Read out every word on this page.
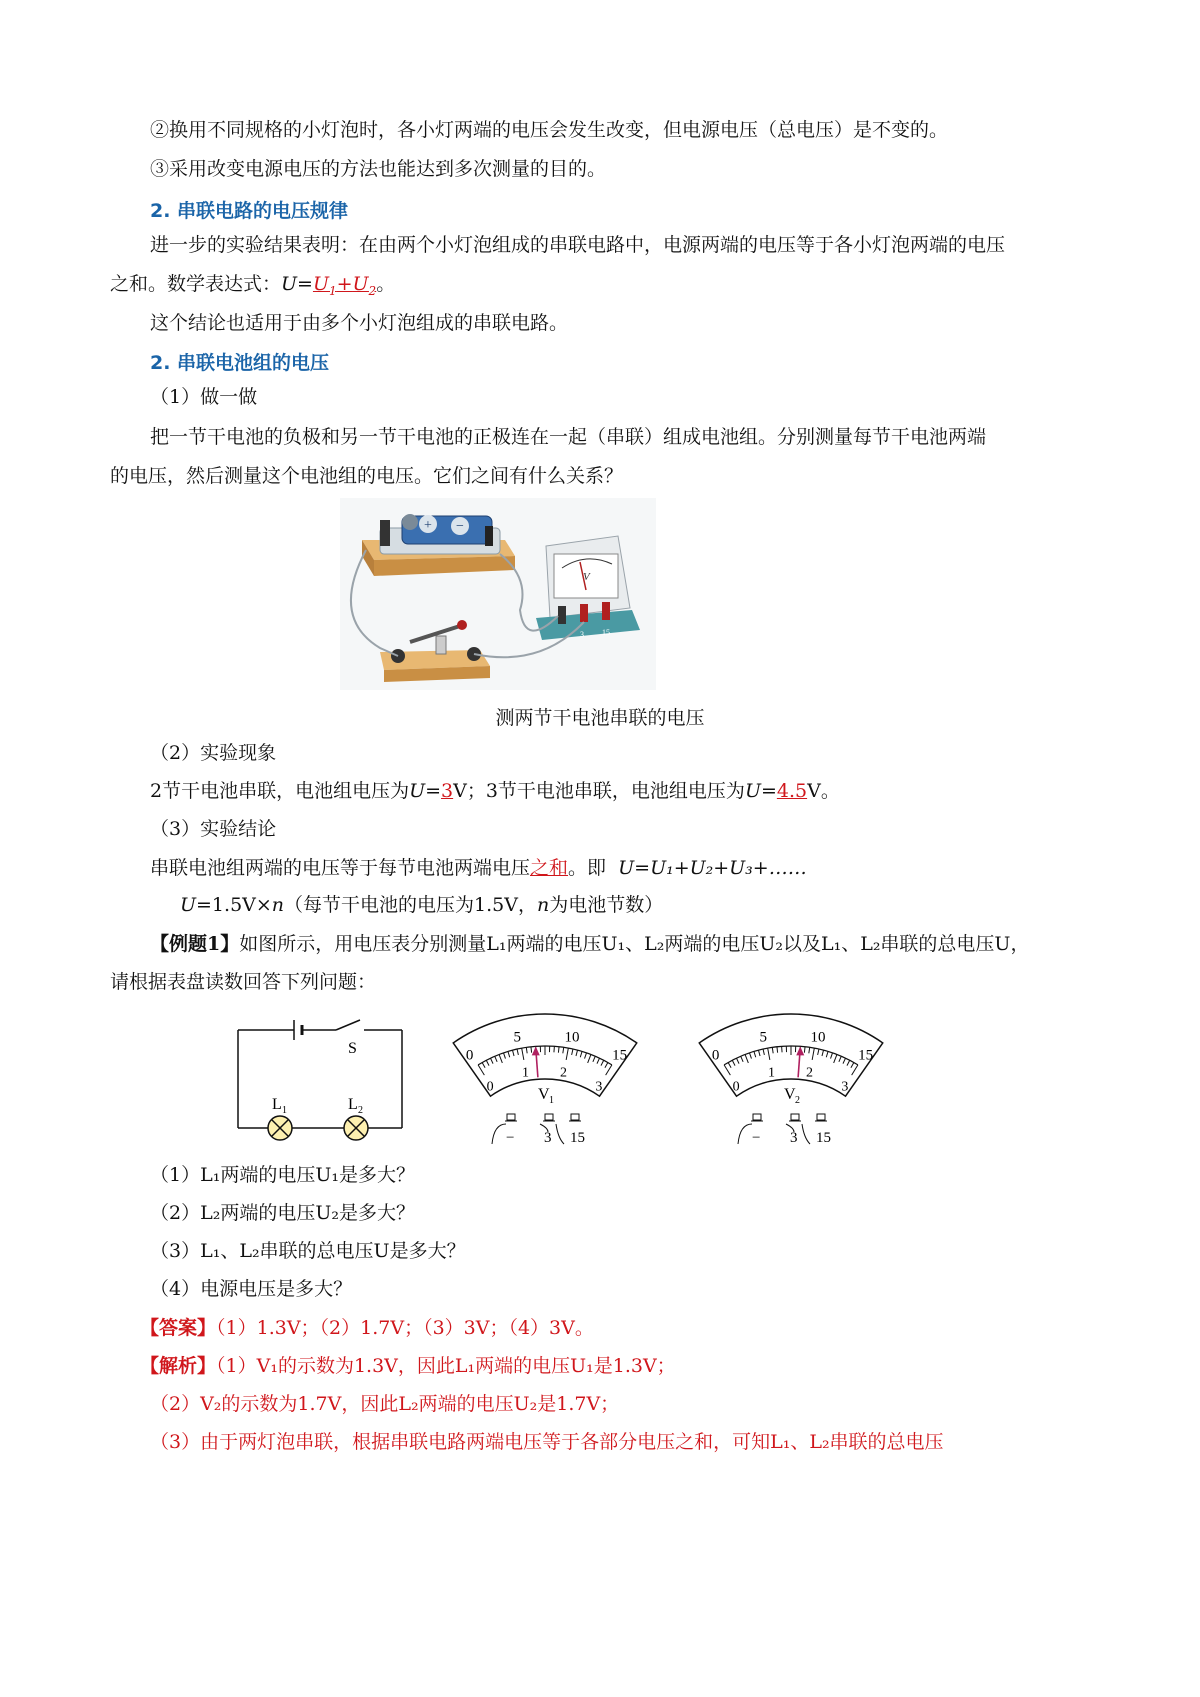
②换用不同规格的小灯泡时，各小灯两端的电压会发生改变，但电源电压（总电压）是不变的。
③采用改变电源电压的方法也能达到多次测量的目的。
2. 串联电路的电压规律
进一步的实验结果表明：在由两个小灯泡组成的串联电路中，电源两端的电压等于各小灯泡两端的电压
之和。数学表达式：$U=U_1+U_2$。
这个结论也适用于由多个小灯泡组成的串联电路。
2. 串联电池组的电压
（1）做一做
把一节干电池的负极和另一节干电池的正极连在一起（串联）组成电池组。分别测量每节干电池两端
的电压，然后测量这个电池组的电压。它们之间有什么关系？
+ −
V
3 15
测两节干电池串联的电压
（2）实验现象
2节干电池串联，电池组电压为U=3V；3节干电池串联，电池组电压为U=4.5V。
（3）实验结论
串联电池组两端的电压等于每节电池两端电压之和。即 U=U₁+U₂+U₃+……
U=1.5V×n（每节干电池的电压为1.5V，n为电池节数）
【例题1】如图所示，用电压表分别测量L₁两端的电压U₁、L₂两端的电压U₂以及L₁、L₂串联的总电压U，
请根据表盘读数回答下列问题：
S
L 1	L 2
0
5	10
15
0
1 2
3
V 1
− 3 15
0
5	10
15
0
1 2
3
V 2
− 3 15
（1）L₁两端的电压U₁是多大？
（2）L₂两端的电压U₂是多大？
（3）L₁、L₂串联的总电压U是多大？
（4）电源电压是多大？
【答案】（1）1.3V；（2）1.7V；（3）3V；（4）3V。
【解析】（1）V₁的示数为1.3V，因此L₁两端的电压U₁是1.3V；
（2）V₂的示数为1.7V，因此L₂两端的电压U₂是1.7V；
（3）由于两灯泡串联，根据串联电路两端电压等于各部分电压之和，可知L₁、L₂串联的总电压
